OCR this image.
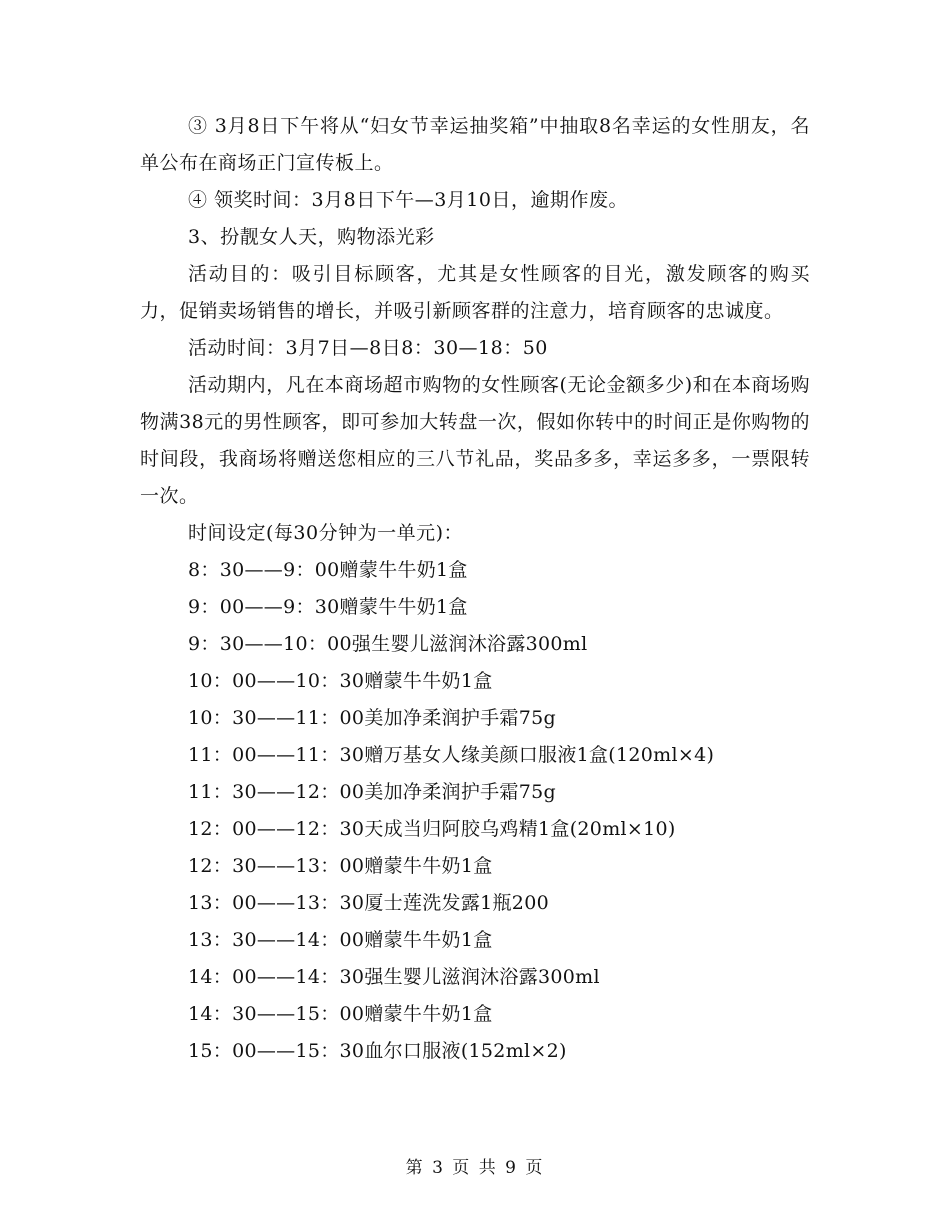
③ 3月8日下午将从“妇女节幸运抽奖箱”中抽取8名幸运的女性朋友，名单公布在商场正门宣传板上。

④ 领奖时间：3月8日下午—3月10日，逾期作废。

3、扮靓女人天，购物添光彩

活动目的：吸引目标顾客，尤其是女性顾客的目光，激发顾客的购买力，促销卖场销售的增长，并吸引新顾客群的注意力，培育顾客的忠诚度。

活动时间：3月7日—8日8：30—18：50

活动期内，凡在本商场超市购物的女性顾客(无论金额多少)和在本商场购物满38元的男性顾客，即可参加大转盘一次，假如你转中的时间正是你购物的时间段，我商场将赠送您相应的三八节礼品，奖品多多，幸运多多，一票限转一次。

时间设定(每30分钟为一单元)：

8：30——9：00赠蒙牛牛奶1盒

9：00——9：30赠蒙牛牛奶1盒

9：30——10：00强生婴儿滋润沐浴露300ml

10：00——10：30赠蒙牛牛奶1盒

10：30——11：00美加净柔润护手霜75g

11：00——11：30赠万基女人缘美颜口服液1盒(120ml×4)

11：30——12：00美加净柔润护手霜75g

12：00——12：30天成当归阿胶乌鸡精1盒(20ml×10)

12：30——13：00赠蒙牛牛奶1盒

13：00——13：30厦士莲洗发露1瓶200

13：30——14：00赠蒙牛牛奶1盒

14：00——14：30强生婴儿滋润沐浴露300ml

14：30——15：00赠蒙牛牛奶1盒

15：00——15：30血尔口服液(152ml×2)

第 3 页 共 9 页
